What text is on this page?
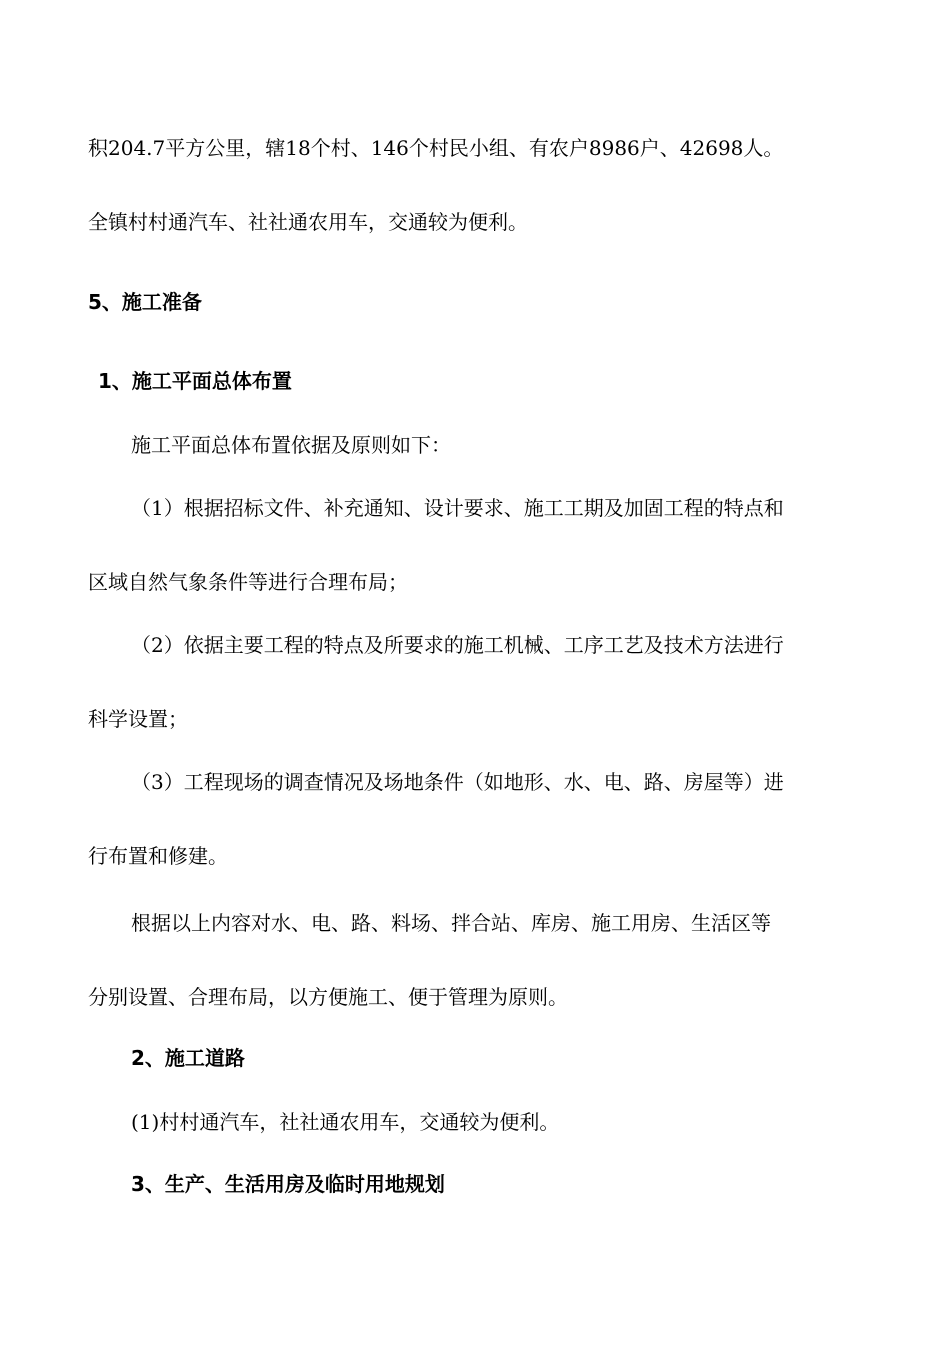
积204.7平方公里，辖18个村、146个村民小组、有农户8986户、42698人。
全镇村村通汽车、社社通农用车，交通较为便利。
5、施工准备
1、施工平面总体布置
施工平面总体布置依据及原则如下：
（1）根据招标文件、补充通知、设计要求、施工工期及加固工程的特点和
区域自然气象条件等进行合理布局；
（2）依据主要工程的特点及所要求的施工机械、工序工艺及技术方法进行
科学设置；
（3）工程现场的调查情况及场地条件（如地形、水、电、路、房屋等）进
行布置和修建。
根据以上内容对水、电、路、料场、拌合站、库房、施工用房、生活区等
分别设置、合理布局，以方便施工、便于管理为原则。
2、施工道路
(1)村村通汽车，社社通农用车，交通较为便利。
3、生产、生活用房及临时用地规划
